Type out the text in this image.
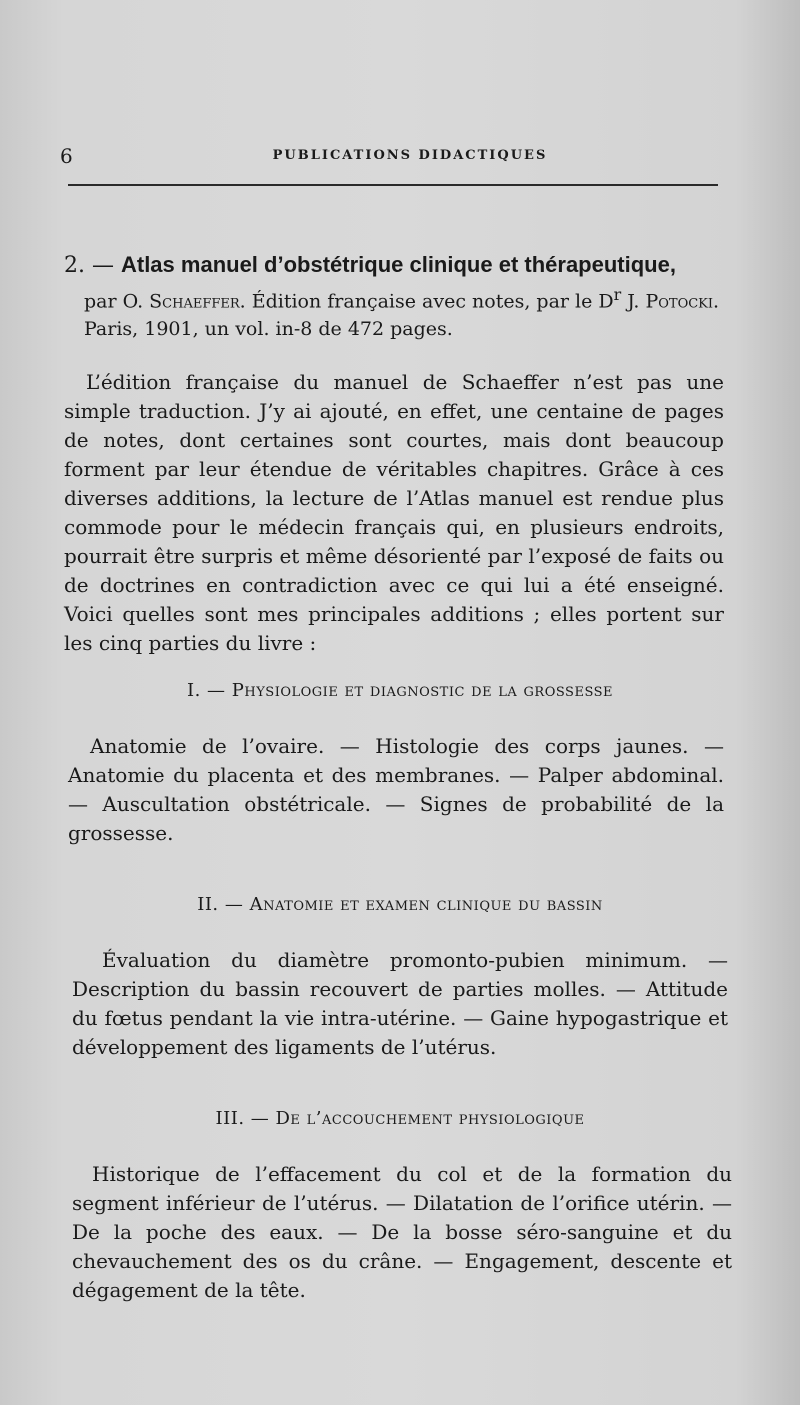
6	PUBLICATIONS DIDACTIQUES
2. — Atlas manuel d’obstétrique clinique et thérapeutique,
par O. Schaeffer. Édition française avec notes, par le $D^r$ J. Potocki.
Paris, 1901, un vol. in-8 de 472 pages.
L’édition française du manuel de Schaeffer n’est pas une simple traduction. J’y ai ajouté, en effet, une centaine de pages de notes, dont certaines sont courtes, mais dont beaucoup forment par leur étendue de véritables chapitres. Grâce à ces diverses additions, la lecture de l’Atlas manuel est rendue plus commode pour le médecin français qui, en plusieurs endroits, pourrait être surpris et même désorienté par l’exposé de faits ou de doctrines en contradiction avec ce qui lui a été enseigné. Voici quelles sont mes principales additions ; elles portent sur les cinq parties du livre :
I. — Physiologie et diagnostic de la grossesse
Anatomie de l’ovaire. — Histologie des corps jaunes. — Anatomie du placenta et des membranes. — Palper abdominal. — Auscultation obstétricale. — Signes de probabilité de la grossesse.
II. — Anatomie et examen clinique du bassin
Évaluation du diamètre promonto-pubien minimum. — Description du bassin recouvert de parties molles. — Attitude du fœtus pendant la vie intra-utérine. — Gaine hypogastrique et développement des ligaments de l’utérus.
III. — De l’accouchement physiologique
Historique de l’effacement du col et de la formation du segment inférieur de l’utérus. — Dilatation de l’orifice utérin. — De la poche des eaux. — De la bosse séro-sanguine et du chevauchement des os du crâne. — Engagement, descente et dégagement de la tête.
